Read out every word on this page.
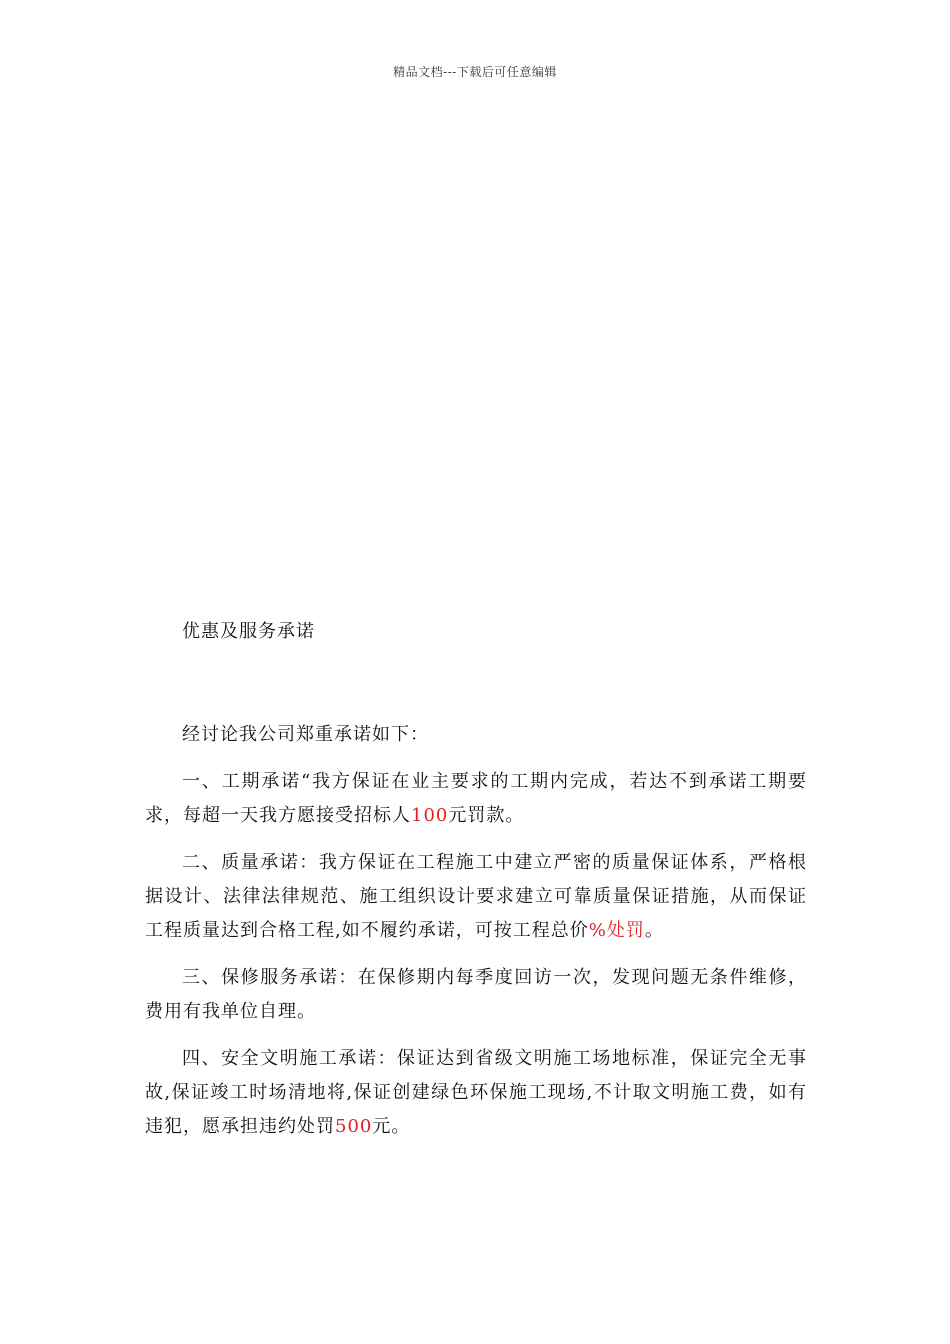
精品文档---下载后可任意编辑
优惠及服务承诺

经讨论我公司郑重承诺如下：

一、工期承诺“我方保证在业主要求的工期内完成，若达不到承诺工期要求，每超一天我方愿接受招标人100元罚款。

二、质量承诺：我方保证在工程施工中建立严密的质量保证体系，严格根据设计、法律法律规范、施工组织设计要求建立可靠质量保证措施，从而保证工程质量达到合格工程,如不履约承诺，可按工程总价%处罚。

三、保修服务承诺：在保修期内每季度回访一次，发现问题无条件维修，费用有我单位自理。

四、安全文明施工承诺：保证达到省级文明施工场地标准，保证完全无事故,保证竣工时场清地将,保证创建绿色环保施工现场,不计取文明施工费，如有违犯，愿承担违约处罚500元。
